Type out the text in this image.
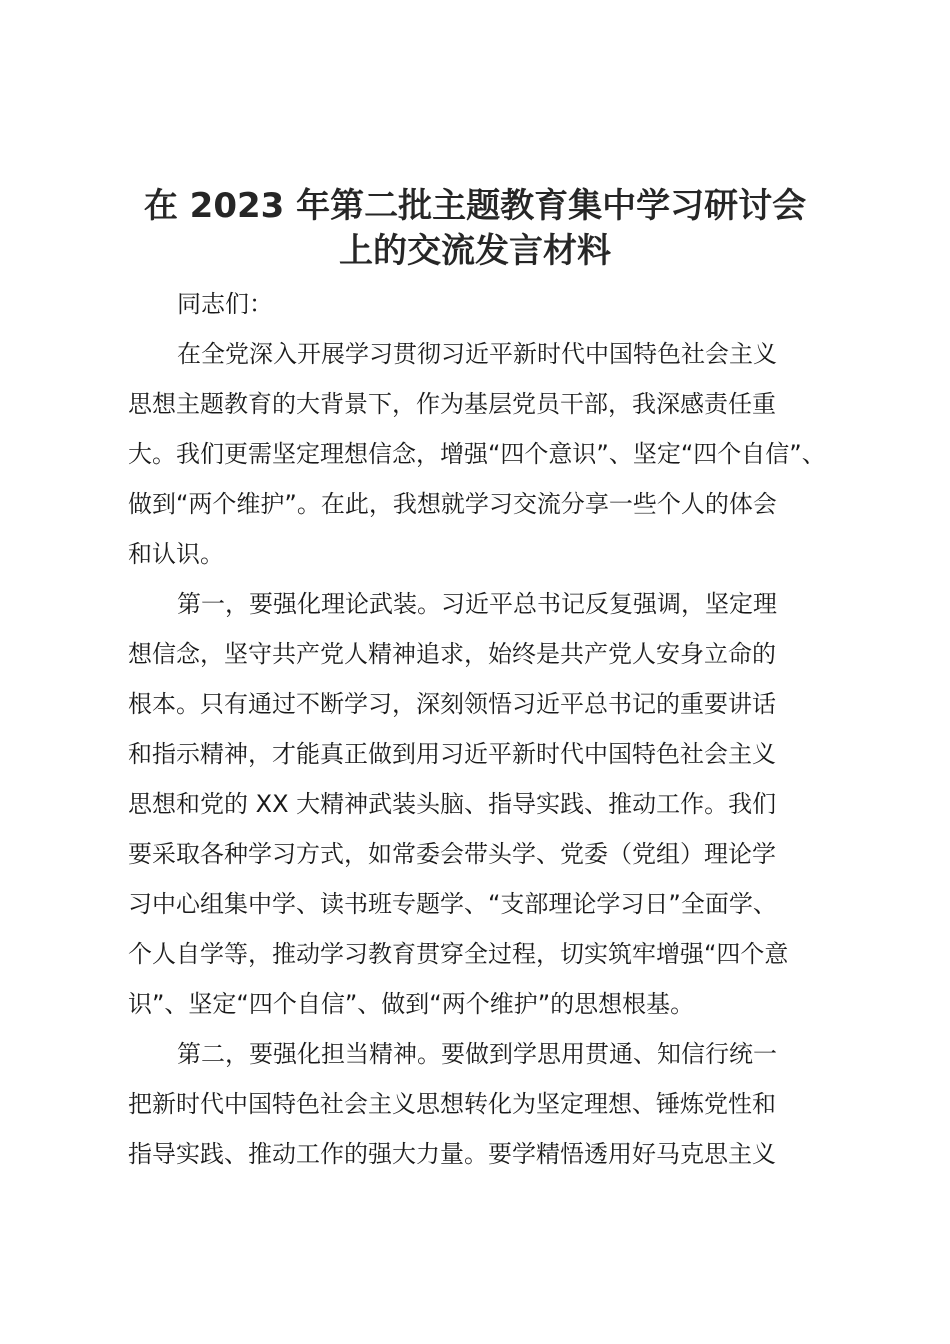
在 2023 年第二批主题教育集中学习研讨会
上的交流发言材料
同志们：
在全党深入开展学习贯彻习近平新时代中国特色社会主义
思想主题教育的大背景下，作为基层党员干部，我深感责任重
大。我们更需坚定理想信念，增强“四个意识”、坚定“四个自信”、
做到“两个维护”。在此，我想就学习交流分享一些个人的体会
和认识。
第一，要强化理论武装。习近平总书记反复强调，坚定理
想信念，坚守共产党人精神追求，始终是共产党人安身立命的
根本。只有通过不断学习，深刻领悟习近平总书记的重要讲话
和指示精神，才能真正做到用习近平新时代中国特色社会主义
思想和党的 XX 大精神武装头脑、指导实践、推动工作。我们
要采取各种学习方式，如常委会带头学、党委（党组）理论学
习中心组集中学、读书班专题学、“支部理论学习日”全面学、
个人自学等，推动学习教育贯穿全过程，切实筑牢增强“四个意
识”、坚定“四个自信”、做到“两个维护”的思想根基。
第二，要强化担当精神。要做到学思用贯通、知信行统一
把新时代中国特色社会主义思想转化为坚定理想、锤炼党性和
指导实践、推动工作的强大力量。要学精悟透用好马克思主义
